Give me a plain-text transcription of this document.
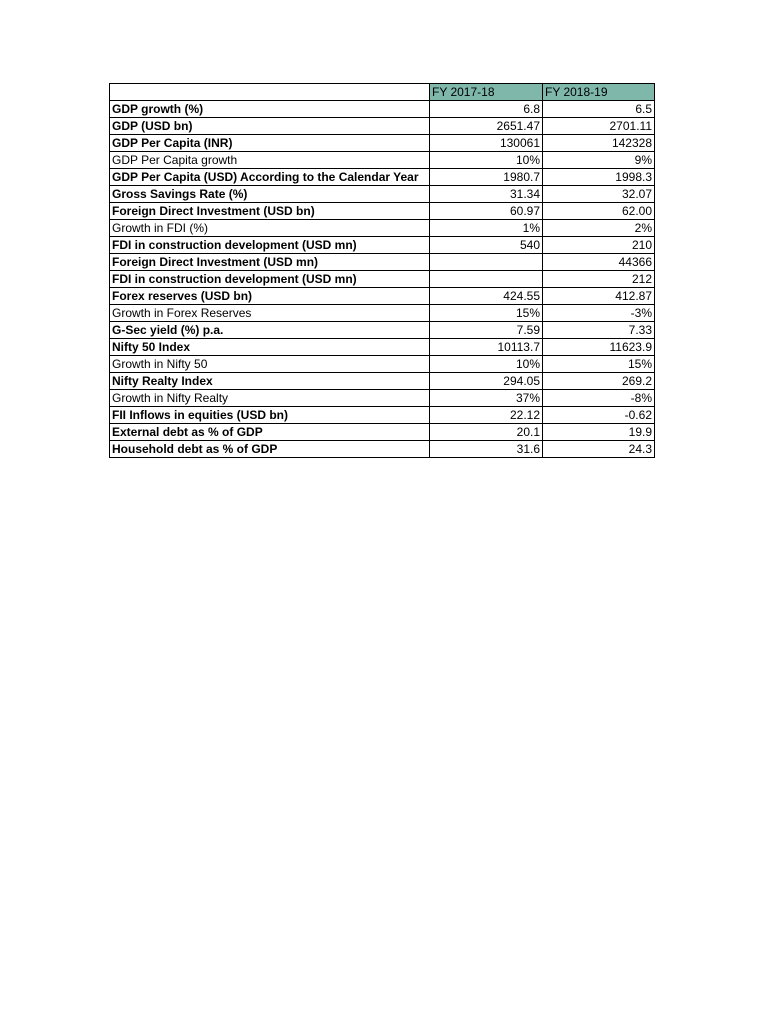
	FY 2017-18	FY 2018-19
GDP growth (%)	6.8	6.5
GDP (USD bn)	2651.47	2701.11
GDP Per Capita (INR)	130061	142328
GDP Per Capita growth	10%	9%
GDP Per Capita (USD) According to the Calendar Year	1980.7	1998.3
Gross Savings Rate (%)	31.34	32.07
Foreign Direct Investment (USD bn)	60.97	62.00
Growth in FDI (%)	1%	2%
FDI in construction development (USD mn)	540	210
Foreign Direct Investment (USD mn)		44366
FDI in construction development (USD mn)		212
Forex reserves (USD bn)	424.55	412.87
Growth in Forex Reserves	15%	-3%
G-Sec yield (%) p.a.	7.59	7.33
Nifty 50 Index	10113.7	11623.9
Growth in Nifty 50	10%	15%
Nifty Realty Index	294.05	269.2
Growth in Nifty Realty	37%	-8%
FII Inflows in equities (USD bn)	22.12	-0.62
External debt as % of GDP	20.1	19.9
Household debt as % of GDP	31.6	24.3
